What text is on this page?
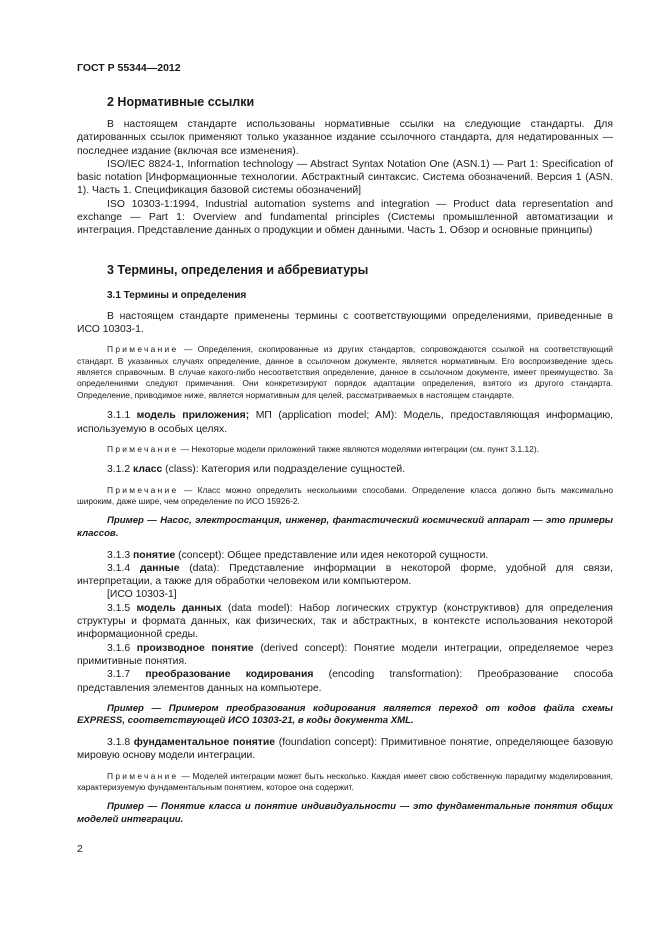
ГОСТ Р 55344—2012
2 Нормативные ссылки

В настоящем стандарте использованы нормативные ссылки на следующие стандарты. Для датированных ссылок применяют только указанное издание ссылочного стандарта, для недатированных — последнее издание (включая все изменения).

ISO/IEC 8824-1, Information technology — Abstract Syntax Notation One (ASN.1) — Part 1: Specification of basic notation [Информационные технологии. Абстрактный синтаксис. Система обозначений. Версия 1 (ASN. 1). Часть 1. Спецификация базовой системы обозначений]

ISO 10303-1:1994, Industrial automation systems and integration — Product data representation and exchange — Part 1: Overview and fundamental principles (Системы промышленной автоматизации и интеграция. Представление данных о продукции и обмен данными. Часть 1. Обзор и основные принципы)

3 Термины, определения и аббревиатуры
3.1 Термины и определения

В настоящем стандарте применены термины с соответствующими определениями, приведенные в ИСО 10303-1.

Примечание — Определения, скопированные из других стандартов, сопровождаются ссылкой на соответствующий стандарт. В указанных случаях определение, данное в ссылочном документе, является нормативным. Его воспроизведение здесь является справочным. В случае какого-либо несоответствия определение, данное в ссылочном документе, имеет преимущество. За определениями следуют примечания. Они конкретизируют порядок адаптации определения, взятого из другого стандарта. Определение, приводимое ниже, является нормативным для целей, рассматриваемых в настоящем стандарте.

3.1.1 модель приложения; МП (application model; AM): Модель, предоставляющая информацию, используемую в особых целях.

Примечание — Некоторые модели приложений также являются моделями интеграции (см. пункт 3.1.12).

3.1.2 класс (class): Категория или подразделение сущностей.

Примечание — Класс можно определить несколькими способами. Определение класса должно быть максимально широким, даже шире, чем определение по ИСО 15926-2.

Пример — Насос, электростанция, инженер, фантастический космический аппарат — это примеры классов.

3.1.3 понятие (concept): Общее представление или идея некоторой сущности.

3.1.4 данные (data): Представление информации в некоторой форме, удобной для связи, интерпретации, а также для обработки человеком или компьютером.

[ИСО 10303-1]

3.1.5 модель данных (data model): Набор логических структур (конструктивов) для определения структуры и формата данных, как физических, так и абстрактных, в контексте использования некоторой информационной среды.

3.1.6 производное понятие (derived concept): Понятие модели интеграции, определяемое через примитивные понятия.

3.1.7 преобразование кодирования (encoding transformation): Преобразование способа представления элементов данных на компьютере.

Пример — Примером преобразования кодирования является переход от кодов файла схемы EXPRESS, соответствующей ИСО 10303-21, в коды документа XML.

3.1.8 фундаментальное понятие (foundation concept): Примитивное понятие, определяющее базовую мировую основу модели интеграции.

Примечание — Моделей интеграции может быть несколько. Каждая имеет свою собственную парадигму моделирования, характеризуемую фундаментальным понятием, которое она содержит.

Пример — Понятие класса и понятие индивидуальности — это фундаментальные понятия общих моделей интеграции.

2
